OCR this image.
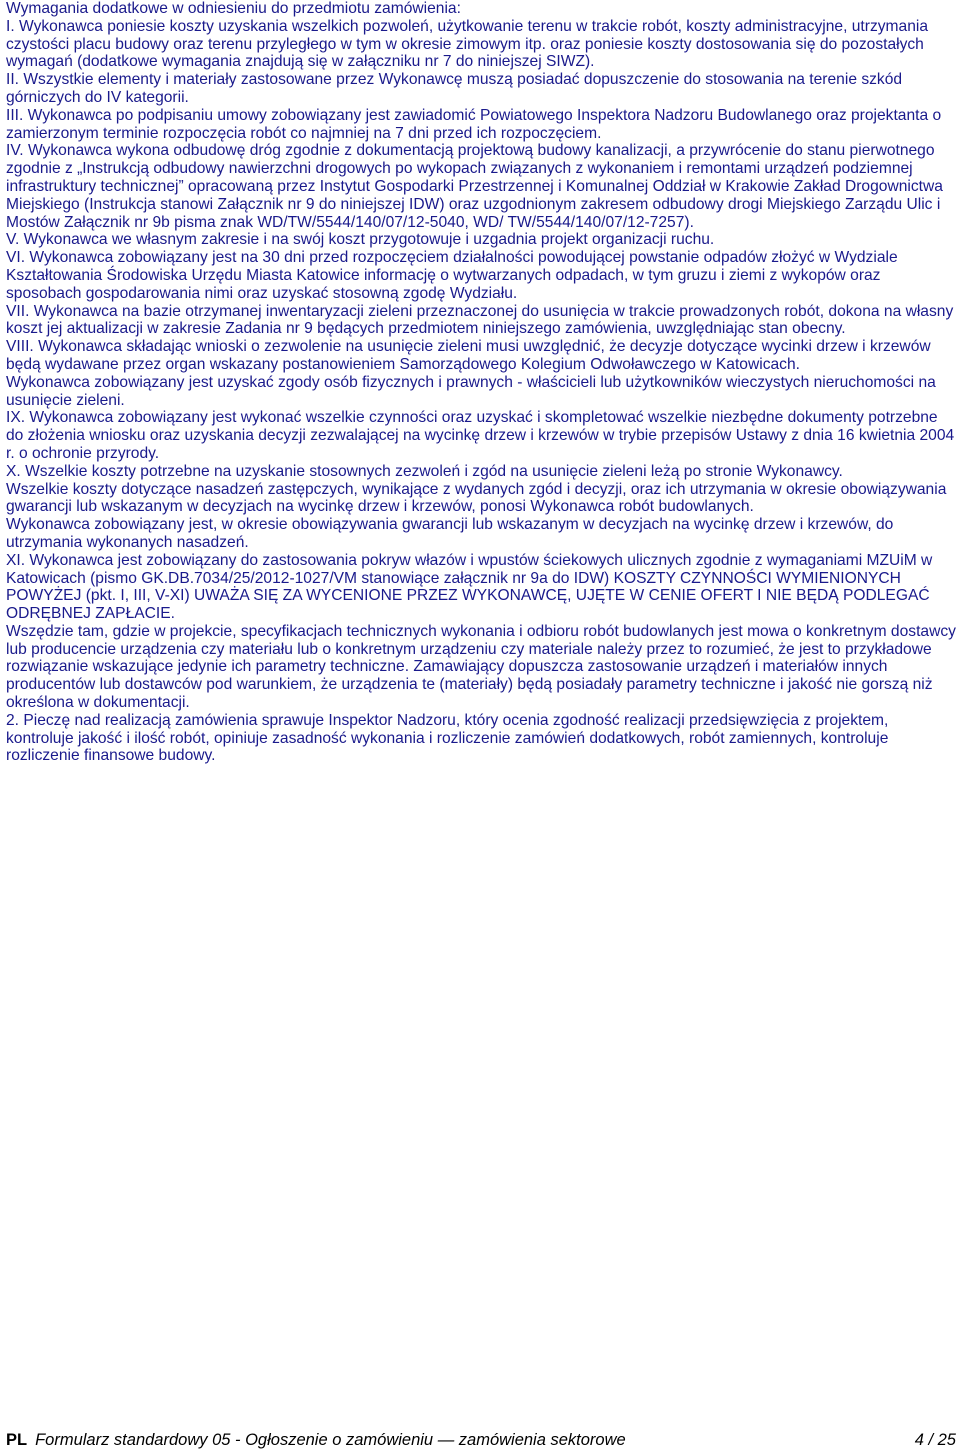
Wymagania dodatkowe w odniesieniu do przedmiotu zamówienia:

I. Wykonawca poniesie koszty uzyskania wszelkich pozwoleń, użytkowanie terenu w trakcie robót, koszty administracyjne, utrzymania czystości placu budowy oraz terenu przyległego w tym w okresie zimowym itp. oraz poniesie koszty dostosowania się do pozostałych wymagań (dodatkowe wymagania znajdują się w załączniku nr 7 do niniejszej SIWZ).

II. Wszystkie elementy i materiały zastosowane przez Wykonawcę muszą posiadać dopuszczenie do stosowania na terenie szkód górniczych do IV kategorii.

III. Wykonawca po podpisaniu umowy zobowiązany jest zawiadomić Powiatowego Inspektora Nadzoru Budowlanego oraz projektanta o zamierzonym terminie rozpoczęcia robót co najmniej na 7 dni przed ich rozpoczęciem.

IV. Wykonawca wykona odbudowę dróg zgodnie z dokumentacją projektową budowy kanalizacji, a przywrócenie do stanu pierwotnego zgodnie z „Instrukcją odbudowy nawierzchni drogowych po wykopach związanych z wykonaniem i remontami urządzeń podziemnej infrastruktury technicznej” opracowaną przez Instytut Gospodarki Przestrzennej i Komunalnej Oddział w Krakowie Zakład Drogownictwa Miejskiego (Instrukcja stanowi Załącznik nr 9 do niniejszej IDW) oraz uzgodnionym zakresem odbudowy drogi Miejskiego Zarządu Ulic i Mostów Załącznik nr 9b pisma znak WD/TW/5544/140/07/12-5040, WD/ TW/5544/140/07/12-7257).

V. Wykonawca we własnym zakresie i na swój koszt przygotowuje i uzgadnia projekt organizacji ruchu.

VI. Wykonawca zobowiązany jest na 30 dni przed rozpoczęciem działalności powodującej powstanie odpadów złożyć w Wydziale Kształtowania Środowiska Urzędu Miasta Katowice informację o wytwarzanych odpadach, w tym gruzu i ziemi z wykopów oraz sposobach gospodarowania nimi oraz uzyskać stosowną zgodę Wydziału.

VII. Wykonawca na bazie otrzymanej inwentaryzacji zieleni przeznaczonej do usunięcia w trakcie prowadzonych robót, dokona na własny koszt jej aktualizacji w zakresie Zadania nr 9 będących przedmiotem niniejszego zamówienia, uwzględniając stan obecny.

VIII. Wykonawca składając wnioski o zezwolenie na usunięcie zieleni musi uwzględnić, że decyzje dotyczące wycinki drzew i krzewów będą wydawane przez organ wskazany postanowieniem Samorządowego Kolegium Odwoławczego w Katowicach.

Wykonawca zobowiązany jest uzyskać zgody osób fizycznych i prawnych - właścicieli lub użytkowników wieczystych nieruchomości na usunięcie zieleni.

IX. Wykonawca zobowiązany jest wykonać wszelkie czynności oraz uzyskać i skompletować wszelkie niezbędne dokumenty potrzebne do złożenia wniosku oraz uzyskania decyzji zezwalającej na wycinkę drzew i krzewów w trybie przepisów Ustawy z dnia 16 kwietnia 2004 r. o ochronie przyrody.

X. Wszelkie koszty potrzebne na uzyskanie stosownych zezwoleń i zgód na usunięcie zieleni leżą po stronie Wykonawcy.

Wszelkie koszty dotyczące nasadzeń zastępczych, wynikające z wydanych zgód i decyzji, oraz ich utrzymania w okresie obowiązywania gwarancji lub wskazanym w decyzjach na wycinkę drzew i krzewów, ponosi Wykonawca robót budowlanych.

Wykonawca zobowiązany jest, w okresie obowiązywania gwarancji lub wskazanym w decyzjach na wycinkę drzew i krzewów, do utrzymania wykonanych nasadzeń.

XI. Wykonawca jest zobowiązany do zastosowania pokryw włazów i wpustów ściekowych ulicznych zgodnie z wymaganiami MZUiM w Katowicach (pismo GK.DB.7034/25/2012-1027/VM stanowiące załącznik nr 9a do IDW) KOSZTY CZYNNOŚCI WYMIENIONYCH POWYŻEJ (pkt. I, III, V-XI) UWAŻA SIĘ ZA WYCENIONE PRZEZ WYKONAWCĘ, UJĘTE W CENIE OFERT I NIE BĘDĄ PODLEGAĆ ODRĘBNEJ ZAPŁACIE.

Wszędzie tam, gdzie w projekcie, specyfikacjach technicznych wykonania i odbioru robót budowlanych jest mowa o konkretnym dostawcy lub producencie urządzenia czy materiału lub o konkretnym urządzeniu czy materiale należy przez to rozumieć, że jest to przykładowe rozwiązanie wskazujące jedynie ich parametry techniczne. Zamawiający dopuszcza zastosowanie urządzeń i materiałów innych producentów lub dostawców pod warunkiem, że urządzenia te (materiały) będą posiadały parametry techniczne i jakość nie gorszą niż określona w dokumentacji.

2. Pieczę nad realizacją zamówienia sprawuje Inspektor Nadzoru, który ocenia zgodność realizacji przedsięwzięcia z projektem, kontroluje jakość i ilość robót, opiniuje zasadność wykonania i rozliczenie zamówień dodatkowych, robót zamiennych, kontroluje rozliczenie finansowe budowy.

PL Formularz standardowy 05 - Ogłoszenie o zamówieniu — zamówienia sektorowe	4 / 25
